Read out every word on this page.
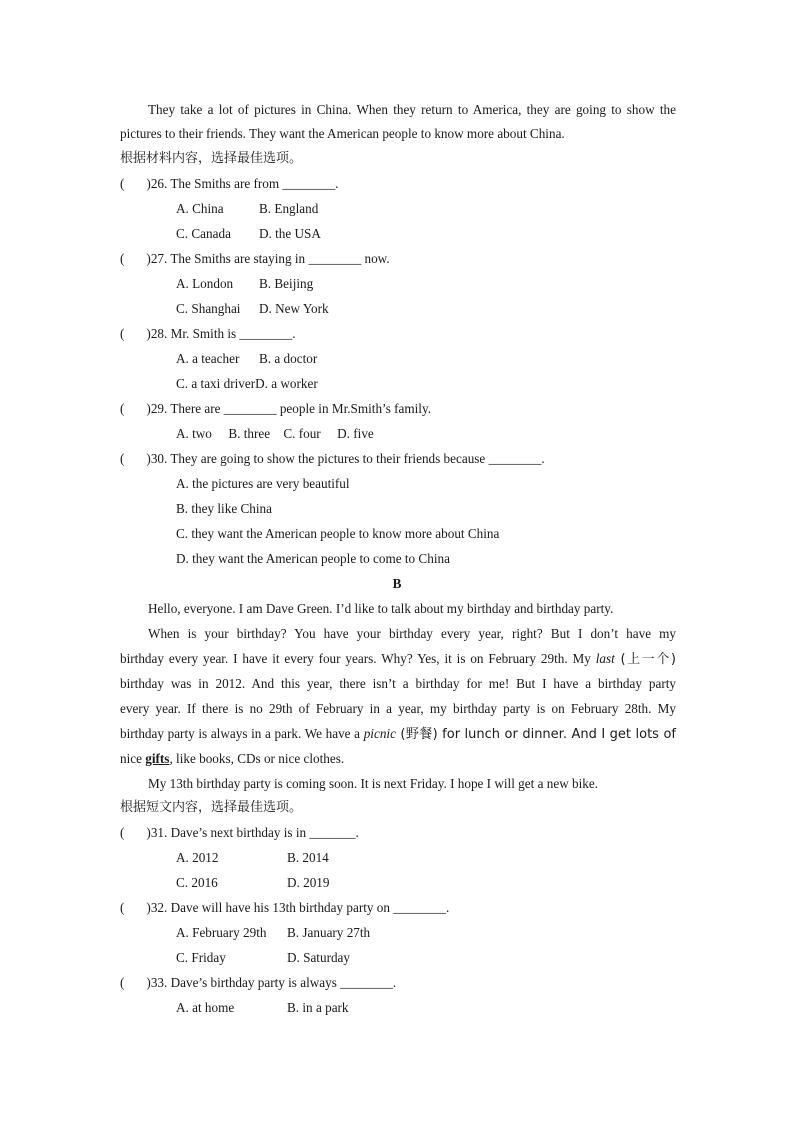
They take a lot of pictures in China. When they return to America, they are going to show the
pictures to their friends. They want the American people to know more about China.
根据材料内容，选择最佳选项。
( )26. The Smiths are from ________.
A. China	B. England
C. Canada D. the USA
( )27. The Smiths are staying in ________ now.
A. London B. Beijing
C. Shanghai D. New York
( )28. Mr. Smith is ________.
A. a teacher B. a doctor
C. a taxi driverD. a worker
( )29. There are ________ people in Mr.Smith’s family.
A. two     B. three    C. four     D. five
( )30. They are going to show the pictures to their friends because ________.
A. the pictures are very beautiful
B. they like China
C. they want the American people to know more about China
D. they want the American people to come to China
B
Hello, everyone. I am Dave Green. I’d like to talk about my birthday and birthday party.
When is your birthday? You have your birthday every year, right? But I don’t have my
birthday every year. I have it every four years. Why? Yes, it is on February 29th. My last (上一个)
birthday was in 2012. And this year, there isn’t a birthday for me! But I have a birthday party
every year. If there is no 29th of February in a year, my birthday party is on February 28th. My
birthday party is always in a park. We have a picnic (野餐) for lunch or dinner. And I get lots of
nice gifts, like books, CDs or nice clothes.
My 13th birthday party is coming soon. It is next Friday. I hope I will get a new bike.
根据短文内容，选择最佳选项。
( )31. Dave’s next birthday is in _______.
A. 2012	B. 2014
C. 2016	D. 2019
( )32. Dave will have his 13th birthday party on ________.
A. February 29th B. January 27th
C. Friday	D. Saturday
( )33. Dave’s birthday party is always ________.
A. at home	B. in a park
